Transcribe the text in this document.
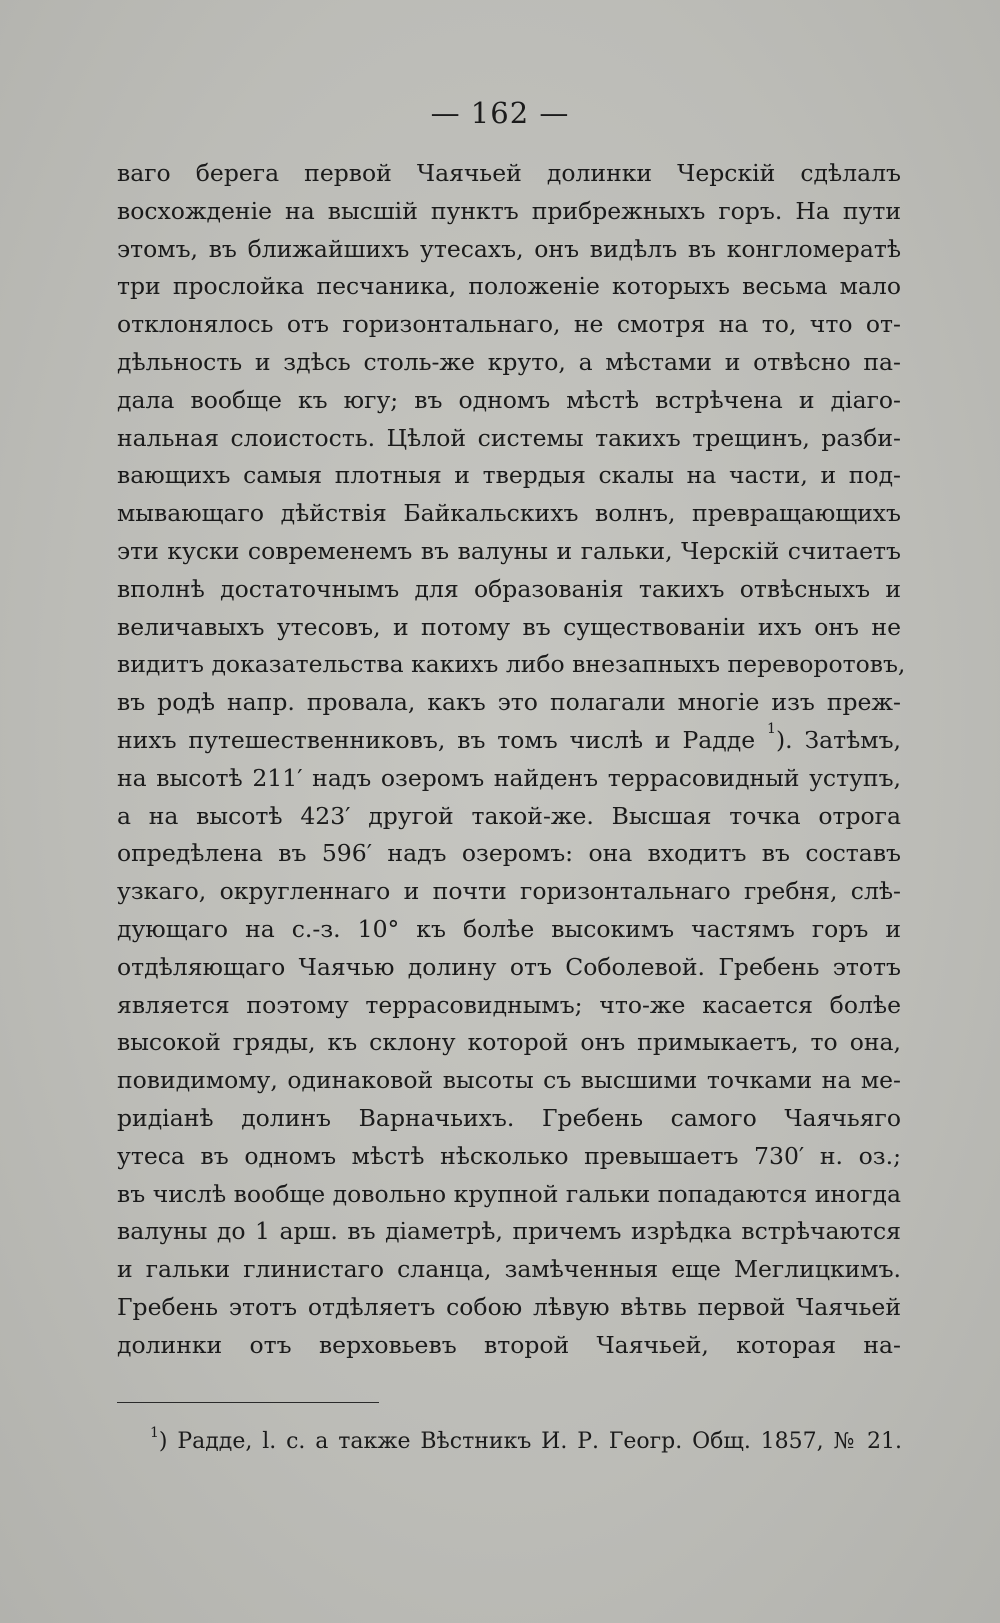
— 162 —
ваго берега первой Чаячьей долинки Черскій сдѣлалъ
восхожденіе на высшій пунктъ прибрежныхъ горъ. На пути
этомъ, въ ближайшихъ утесахъ, онъ видѣлъ въ конгломератѣ
три прослойка песчаника, положеніе которыхъ весьма мало
отклонялось отъ горизонтальнаго, не смотря на то, что от-
дѣльность и здѣсь столь-же круто, а мѣстами и отвѣсно па-
дала вообще къ югу; въ одномъ мѣстѣ встрѣчена и діаго-
нальная слоистость. Цѣлой системы такихъ трещинъ, разби-
вающихъ самыя плотныя и твердыя скалы на части, и под-
мывающаго дѣйствія Байкальскихъ волнъ, превращающихъ
эти куски современемъ въ валуны и гальки, Черскій считаетъ
вполнѣ достаточнымъ для образованія такихъ отвѣсныхъ и
величавыхъ утесовъ, и потому въ существованіи ихъ онъ не
видитъ доказательства какихъ либо внезапныхъ переворотовъ,
въ родѣ напр. провала, какъ это полагали многіе изъ преж-
нихъ путешественниковъ, въ томъ числѣ и Радде $^1$). Затѣмъ,
на высотѣ 211′ надъ озеромъ найденъ террасовидный уступъ,
а на высотѣ 423′ другой такой-же. Высшая точка отрога
опредѣлена въ 596′ надъ озеромъ: она входитъ въ составъ
узкаго, округленнаго и почти горизонтальнаго гребня, слѣ-
дующаго на с.-з. 10° къ болѣе высокимъ частямъ горъ и
отдѣляющаго Чаячью долину отъ Соболевой. Гребень этотъ
является поэтому террасовиднымъ; что-же касается болѣе
высокой гряды, къ склону которой онъ примыкаетъ, то она,
повидимому, одинаковой высоты съ высшими точками на ме-
ридіанѣ долинъ Варначьихъ. Гребень самого Чаячьяго
утеса въ одномъ мѣстѣ нѣсколько превышаетъ 730′ н. оз.;
въ числѣ вообще довольно крупной гальки попадаются иногда
валуны до 1 арш. въ діаметрѣ, причемъ изрѣдка встрѣчаются
и гальки глинистаго сланца, замѣченныя еще Меглицкимъ.
Гребень этотъ отдѣляетъ собою лѣвую вѣтвь первой Чаячьей
долинки отъ верховьевъ второй Чаячьей, которая на-
$^1$) Радде, l. c. а также Вѣстникъ И. Р. Геогр. Общ. 1857, № 21.
